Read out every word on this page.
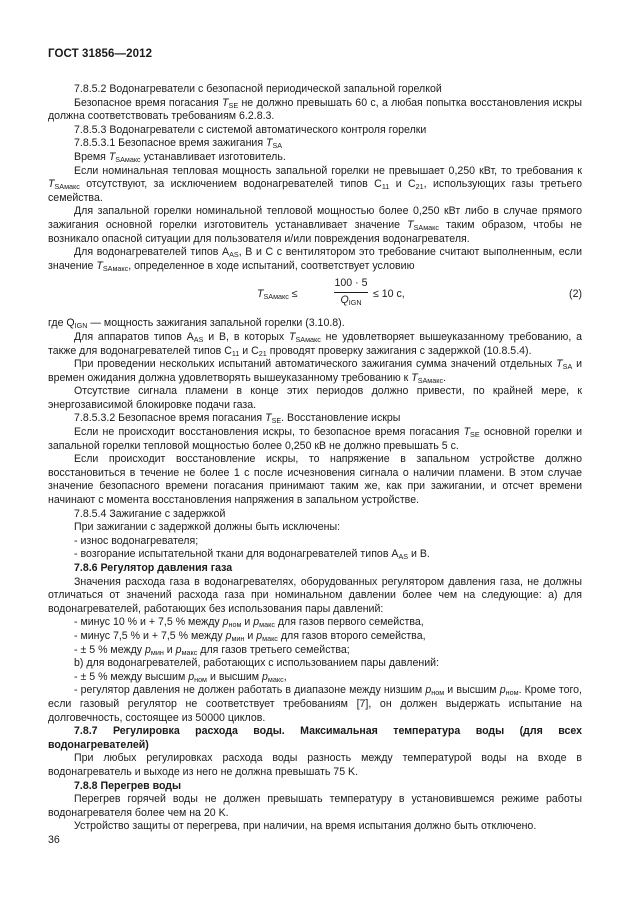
ГОСТ 31856—2012

7.8.5.2 Водонагреватели с безопасной периодической запальной горелкой

Безопасное время погасания $T_{SE}$ не должно превышать 60 с, а любая попытка восстановления искры должна соответствовать требованиям 6.2.8.3.

7.8.5.3 Водонагреватели с системой автоматического контроля горелки

7.8.5.3.1 Безопасное время зажигания $T_{SA}$

Время $T_{SAмакс}$ устанавливает изготовитель.

Если номинальная тепловая мощность запальной горелки не превышает 0,250 кВт, то требования к $T_{SAмакс}$ отсутствуют, за исключением водонагревателей типов $C_{11}$ и $C_{21}$, использующих газы третьего семейства.

Для запальной горелки номинальной тепловой мощностью более 0,250 кВт либо в случае прямого зажигания основной горелки изготовитель устанавливает значение $T_{SAмакс}$ таким образом, чтобы не возникало опасной ситуации для пользователя и/или повреждения водонагревателя.

Для водонагревателей типов $A_{AS}$, B и C с вентилятором это требование считают выполненным, если значение $T_{SAмакс}$, определенное в ходе испытаний, соответствует условию

$T_{SAмакс}$ ≤
100 · 5
$Q_{IGN}$
≤ 10 с,	(2)

где $Q_{IGN}$ — мощность зажигания запальной горелки (3.10.8).

Для аппаратов типов $A_{AS}$ и B, в которых $T_{SAмакс}$ не удовлетворяет вышеуказанному требованию, а также для водонагревателей типов $C_{11}$ и $C_{21}$ проводят проверку зажигания с задержкой (10.8.5.4).

При проведении нескольких испытаний автоматического зажигания сумма значений отдельных $T_{SA}$ и времен ожидания должна удовлетворять вышеуказанному требованию к $T_{SAмакс}$.

Отсутствие сигнала пламени в конце этих периодов должно привести, по крайней мере, к энергозависимой блокировке подачи газа.

7.8.5.3.2 Безопасное время погасания $T_{SE}$. Восстановление искры

Если не происходит восстановления искры, то безопасное время погасания $T_{SE}$ основной горелки и запальной горелки тепловой мощностью более 0,250 кВ не должно превышать 5 с.

Если происходит восстановление искры, то напряжение в запальном устройстве должно восстановиться в течение не более 1 с после исчезновения сигнала о наличии пламени. В этом случае значение безопасного времени погасания принимают таким же, как при зажигании, и отсчет времени начинают с момента восстановления напряжения в запальном устройстве.

7.8.5.4 Зажигание с задержкой

При зажигании с задержкой должны быть исключены:

- износ водонагревателя;

- возгорание испытательной ткани для водонагревателей типов $A_{AS}$ и B.

7.8.6 Регулятор давления газа

Значения расхода газа в водонагревателях, оборудованных регулятором давления газа, не должны отличаться от значений расхода газа при номинальном давлении более чем на следующие: а) для водонагревателей, работающих без использования пары давлений:

- минус 10 % и + 7,5 % между $p_{ном}$ и $p_{макс}$ для газов первого семейства,

- минус 7,5 % и + 7,5 % между $p_{мин}$ и $p_{макс}$ для газов второго семейства,

- ± 5 % между $p_{мин}$ и $p_{макс}$ для газов третьего семейства;

b) для водонагревателей, работающих с использованием пары давлений:

- ± 5 % между высшим $p_{ном}$ и высшим $p_{макс}$,

- регулятор давления не должен работать в диапазоне между низшим $p_{ном}$ и высшим $p_{ном}$. Кроме того, если газовый регулятор не соответствует требованиям [7], он должен выдержать испытание на долговечность, состоящее из 50000 циклов.

7.8.7 Регулировка расхода воды. Максимальная температура воды (для всех водонагревателей)

При любых регулировках расхода воды разность между температурой воды на входе в водонагреватель и выходе из него не должна превышать 75 K.

7.8.8 Перегрев воды

Перегрев горячей воды не должен превышать температуру в установившемся режиме работы водонагревателя более чем на 20 K.

Устройство защиты от перегрева, при наличии, на время испытания должно быть отключено.

36
